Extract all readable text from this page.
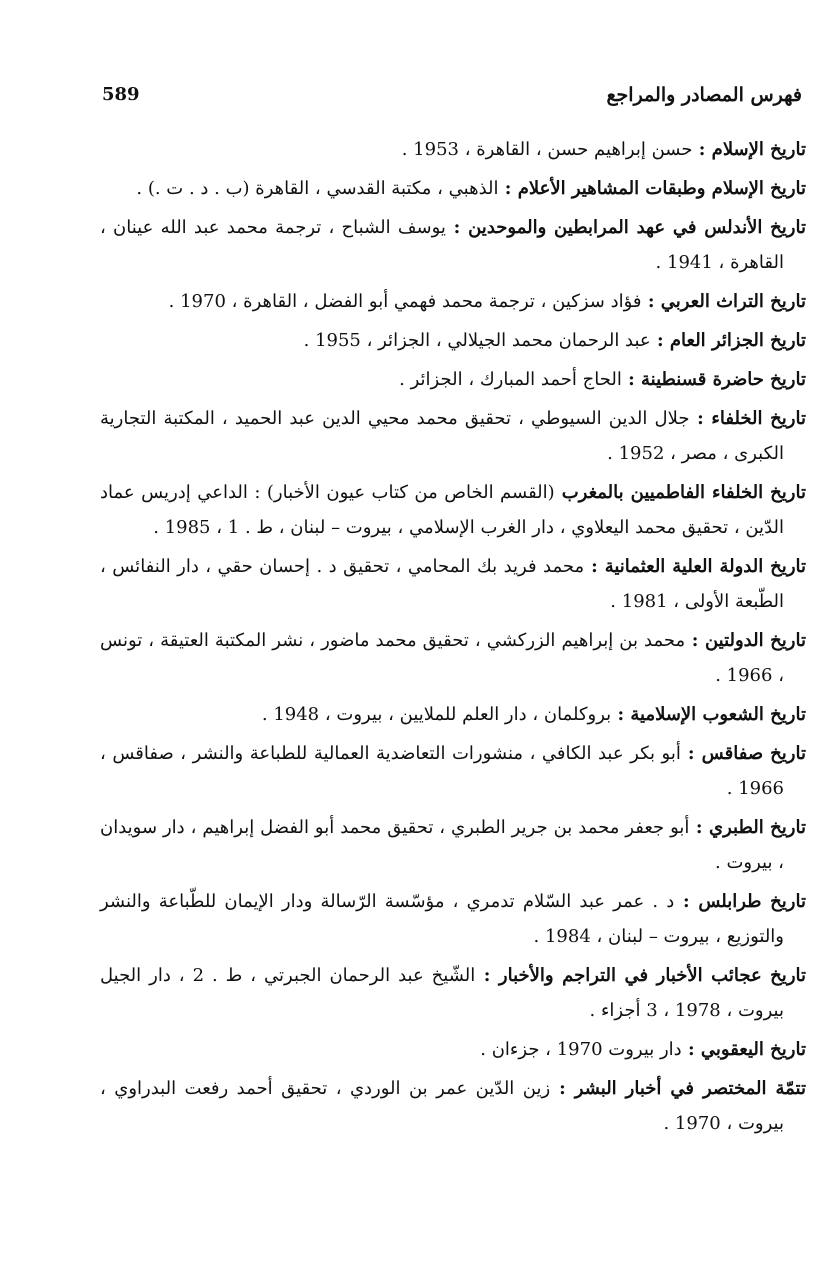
589	فهرس المصادر والمراجع

تاريخ الإسلام : حسن إبراهيم حسن ، القاهرة ، 1953 .

تاريخ الإسلام وطبقات المشاهير الأعلام : الذهبي ، مكتبة القدسي ، القاهرة (ب . د . ت .) .

تاريخ الأندلس في عهد المرابطين والموحدين : يوسف الشباح ، ترجمة محمد عبد الله عينان ، القاهرة ، 1941 .

تاريخ التراث العربي : فؤاد سزكين ، ترجمة محمد فهمي أبو الفضل ، القاهرة ، 1970 .

تاريخ الجزائر العام : عبد الرحمان محمد الجيلالي ، الجزائر ، 1955 .

تاريخ حاضرة قسنطينة : الحاج أحمد المبارك ، الجزائر .

تاريخ الخلفاء : جلال الدين السيوطي ، تحقيق محمد محيي الدين عبد الحميد ، المكتبة التجارية الكبرى ، مصر ، 1952 .

تاريخ الخلفاء الفاطميين بالمغرب (القسم الخاص من كتاب عيون الأخبار) : الداعي إدريس عماد الدّين ، تحقيق محمد اليعلاوي ، دار الغرب الإسلامي ، بيروت – لبنان ، ط . 1 ، 1985 .

تاريخ الدولة العلية العثمانية : محمد فريد بك المحامي ، تحقيق د . إحسان حقي ، دار النفائس ، الطّبعة الأولى ، 1981 .

تاريخ الدولتين : محمد بن إبراهيم الزركشي ، تحقيق محمد ماضور ، نشر المكتبة العتيقة ، تونس ، 1966 .

تاريخ الشعوب الإسلامية : بروكلمان ، دار العلم للملايين ، بيروت ، 1948 .

تاريخ صفاقس : أبو بكر عبد الكافي ، منشورات التعاضدية العمالية للطباعة والنشر ، صفاقس ، 1966 .

تاريخ الطبري : أبو جعفر محمد بن جرير الطبري ، تحقيق محمد أبو الفضل إبراهيم ، دار سويدان ، بيروت .

تاريخ طرابلس : د . عمر عبد السّلام تدمري ، مؤسّسة الرّسالة ودار الإيمان للطّباعة والنشر والتوزيع ، بيروت – لبنان ، 1984 .

تاريخ عجائب الأخبار في التراجم والأخبار : الشّيخ عبد الرحمان الجبرتي ، ط . 2 ، دار الجيل بيروت ، 1978 ، 3 أجزاء .

تاريخ اليعقوبي : دار بيروت 1970 ، جزءان .

تتمّة المختصر في أخبار البشر : زين الدّين عمر بن الوردي ، تحقيق أحمد رفعت البدراوي ، بيروت ، 1970 .
